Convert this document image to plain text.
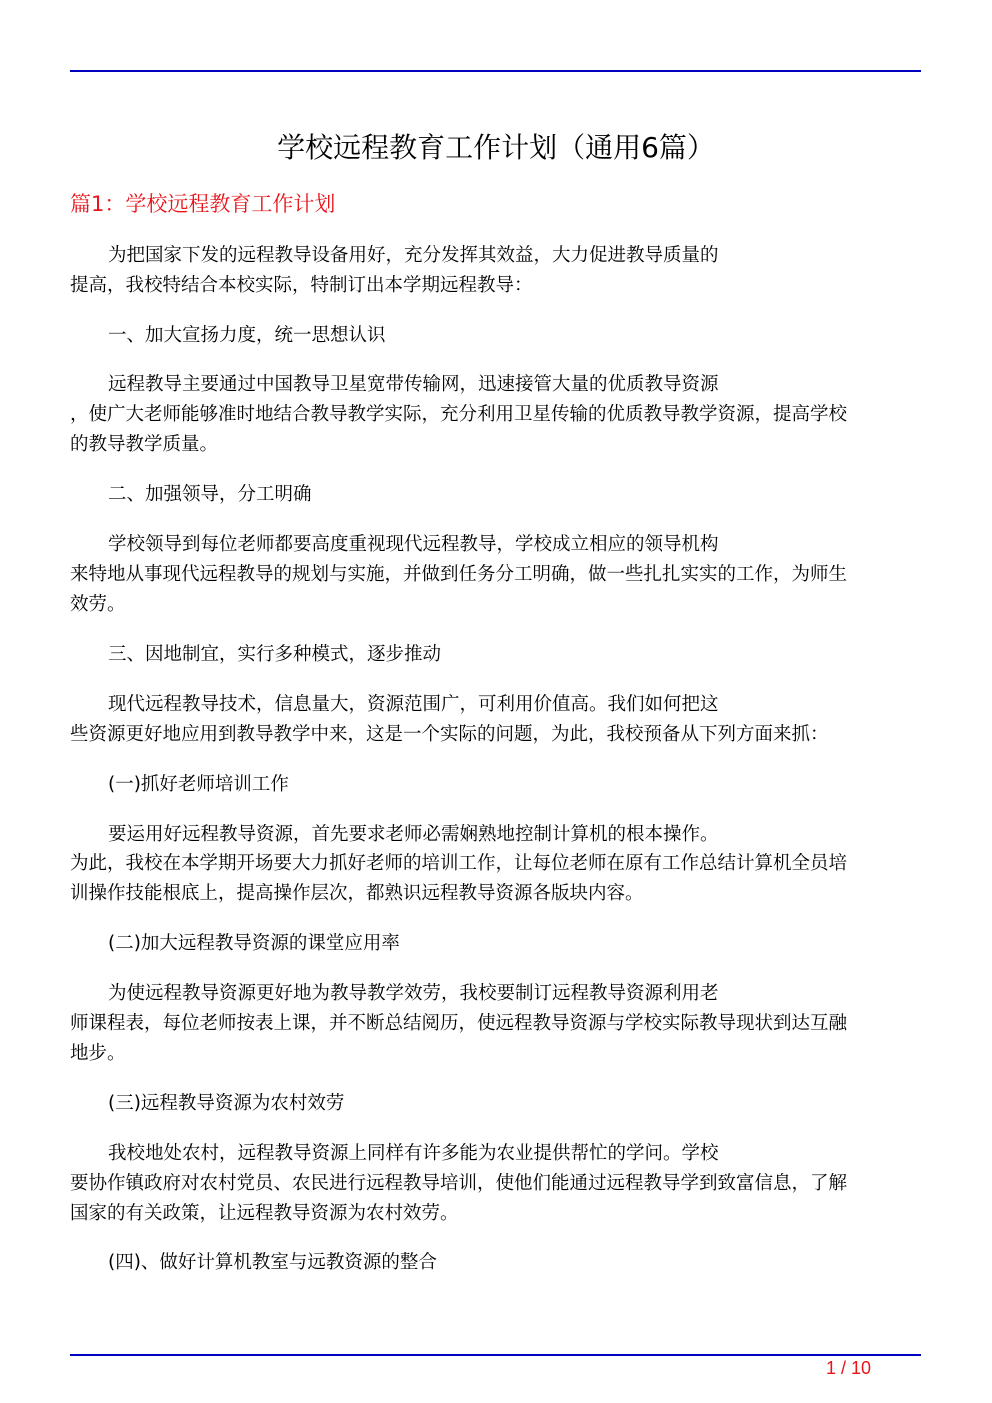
学校远程教育工作计划（通用6篇）
篇1：学校远程教育工作计划
为把国家下发的远程教导设备用好，充分发挥其效益，大力促进教导质量的
提高，我校特结合本校实际，特制订出本学期远程教导：
一、加大宣扬力度，统一思想认识
远程教导主要通过中国教导卫星宽带传输网，迅速接管大量的优质教导资源
，使广大老师能够准时地结合教导教学实际，充分利用卫星传输的优质教导教学资源，提高学校
的教导教学质量。
二、加强领导，分工明确
学校领导到每位老师都要高度重视现代远程教导，学校成立相应的领导机构
来特地从事现代远程教导的规划与实施，并做到任务分工明确，做一些扎扎实实的工作，为师生
效劳。
三、因地制宜，实行多种模式，逐步推动
现代远程教导技术，信息量大，资源范围广，可利用价值高。我们如何把这
些资源更好地应用到教导教学中来，这是一个实际的问题，为此，我校预备从下列方面来抓：
(一)抓好老师培训工作
要运用好远程教导资源，首先要求老师必需娴熟地控制计算机的根本操作。
为此，我校在本学期开场要大力抓好老师的培训工作，让每位老师在原有工作总结计算机全员培
训操作技能根底上，提高操作层次，都熟识远程教导资源各版块内容。
(二)加大远程教导资源的课堂应用率
为使远程教导资源更好地为教导教学效劳，我校要制订远程教导资源利用老
师课程表，每位老师按表上课，并不断总结阅历，使远程教导资源与学校实际教导现状到达互融
地步。
(三)远程教导资源为农村效劳
我校地处农村，远程教导资源上同样有许多能为农业提供帮忙的学问。学校
要协作镇政府对农村党员、农民进行远程教导培训，使他们能通过远程教导学到致富信息，了解
国家的有关政策，让远程教导资源为农村效劳。
(四)、做好计算机教室与远教资源的整合
1 / 10
